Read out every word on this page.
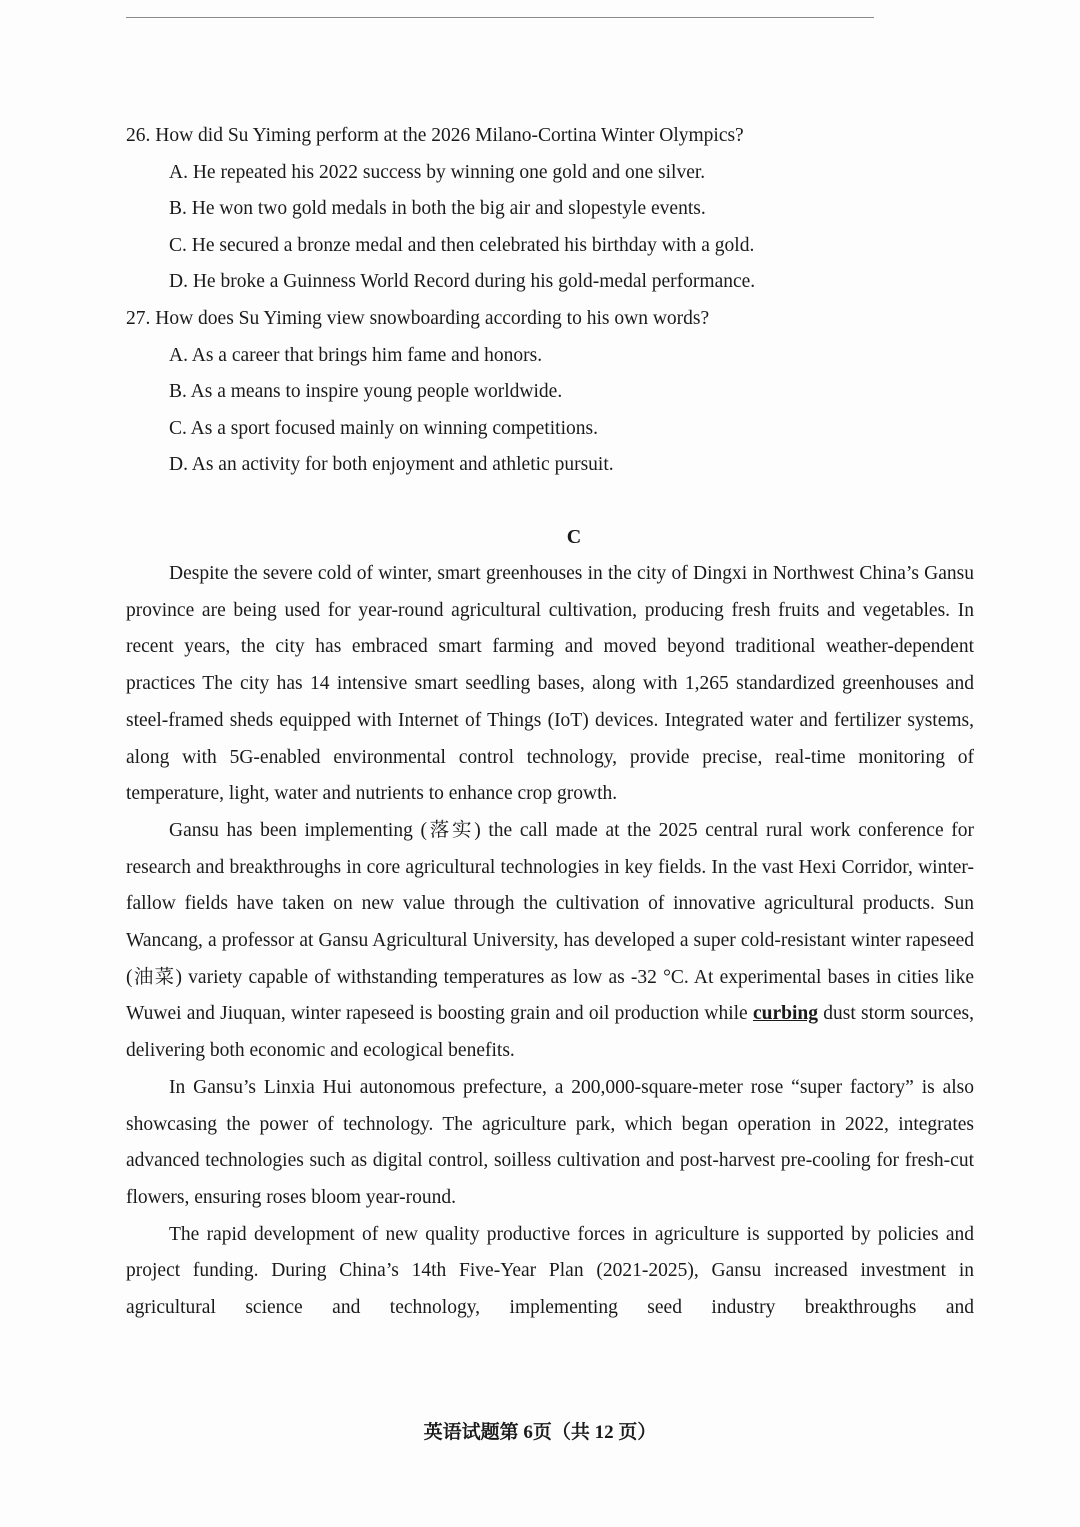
26. How did Su Yiming perform at the 2026 Milano-Cortina Winter Olympics?
A. He repeated his 2022 success by winning one gold and one silver.
B. He won two gold medals in both the big air and slopestyle events.
C. He secured a bronze medal and then celebrated his birthday with a gold.
D. He broke a Guinness World Record during his gold-medal performance.
27. How does Su Yiming view snowboarding according to his own words?
A. As a career that brings him fame and honors.
B. As a means to inspire young people worldwide.
C. As a sport focused mainly on winning competitions.
D. As an activity for both enjoyment and athletic pursuit.
C

Despite the severe cold of winter, smart greenhouses in the city of Dingxi in Northwest China’s Gansu province are being used for year-round agricultural cultivation, producing fresh fruits and vegetables. In recent years, the city has embraced smart farming and moved beyond traditional weather-dependent practices The city has 14 intensive smart seedling bases, along with 1,265 standardized greenhouses and steel-framed sheds equipped with Internet of Things (IoT) devices. Integrated water and fertilizer systems, along with 5G-enabled environmental control technology, provide precise, real-time monitoring of temperature, light, water and nutrients to enhance crop growth.

Gansu has been implementing (落实) the call made at the 2025 central rural work conference for research and breakthroughs in core agricultural technologies in key fields. In the vast Hexi Corridor, winter-fallow fields have taken on new value through the cultivation of innovative agricultural products. Sun Wancang, a professor at Gansu Agricultural University, has developed a super cold-resistant winter rapeseed (油菜) variety capable of withstanding temperatures as low as -32 °C. At experimental bases in cities like Wuwei and Jiuquan, winter rapeseed is boosting grain and oil production while curbing dust storm sources, delivering both economic and ecological benefits.

In Gansu’s Linxia Hui autonomous prefecture, a 200,000-square-meter rose “super factory” is also showcasing the power of technology. The agriculture park, which began operation in 2022, integrates advanced technologies such as digital control, soilless cultivation and post-harvest pre-cooling for fresh-cut flowers, ensuring roses bloom year-round.

The rapid development of new quality productive forces in agriculture is supported by policies and project funding. During China’s 14th Five-Year Plan (2021-2025), Gansu increased investment in agricultural science and technology, implementing seed industry breakthroughs and

英语试题第 6页（共 12 页）
